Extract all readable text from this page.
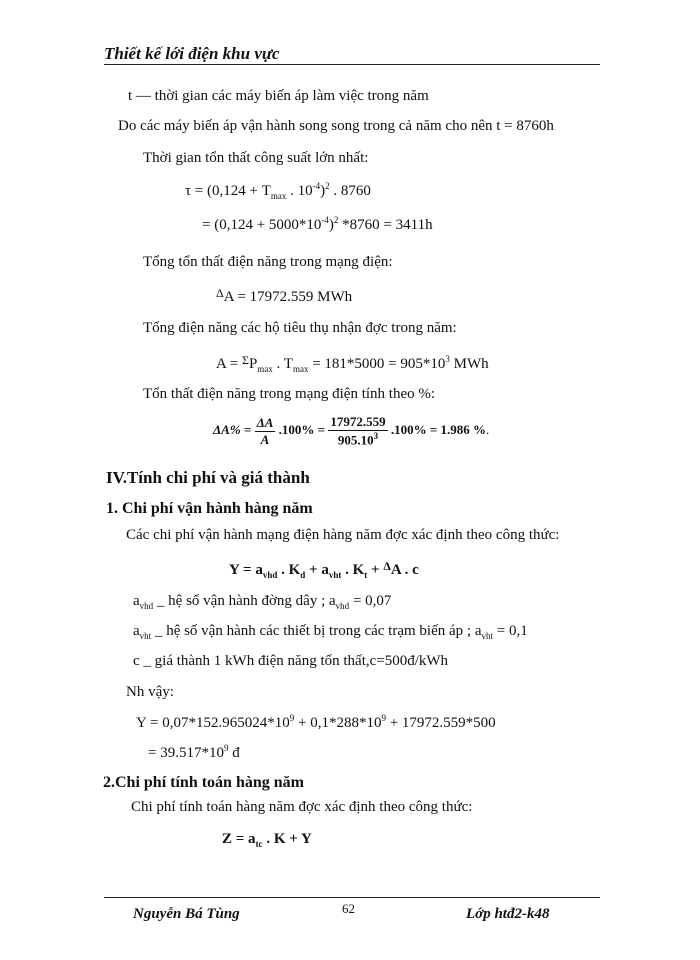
Thiết kế lới điện khu vực
t — thời gian các máy biến áp làm việc trong năm
Do các máy biến áp vận hành song song trong cả năm cho nên t = 8760h
Thời gian tổn thất công suất lớn nhất:
$\tau = (0,124 + T_{max}$ . $10^{-4})^2$ . 8760
= $(0,124 + 5000*10^{-4})^2$ *8760 = 3411h
Tổng tổn thất điện năng trong mạng điện:
$^\Delta$A = 17972.559 MWh
Tổng điện năng các hộ tiêu thụ nhận đợc trong năm:
$A = ^\Sigma P_{max}$ . $T_{max} = 181*5000 = 905*10^3$ MWh
Tổn thất điện năng trong mạng điện tính theo %:
$\Delta A\% = \frac{\Delta A}{A} .100\% = \frac{17972.559}{905.10^3} .100\% = 1.986$ %.
IV.Tính chi phí và giá thành
1. Chi phí vận hành hàng năm
Các chi phí vận hành mạng điện hàng năm đợc xác định theo công thức:
$Y = a_{vhd}$ . $K_d + a_{vht}$ . $K_t + ^\Delta A$ . c
$a_{vhd}$ _ hệ số vận hành đờng dây ; $a_{vhd} = 0,07$
$a_{vht}$ _ hệ số vận hành các thiết bị trong các trạm biến áp ; $a_{vht} = 0,1$
c _ giá thành 1 kWh điện năng tổn thất,c=500đ/kWh
Nh vậy:
$Y = 0,07*152.965024*10^9 + 0,1*288*10^9 + 17972.559*500$
= $39.517*10^9$ đ
2.Chi phí tính toán hàng năm
Chi phí tính toán hàng năm đợc xác định theo công thức:
$Z = a_{tc}$ . K + Y
Nguyễn Bá Tùng	62	Lớp htđ2-k48
